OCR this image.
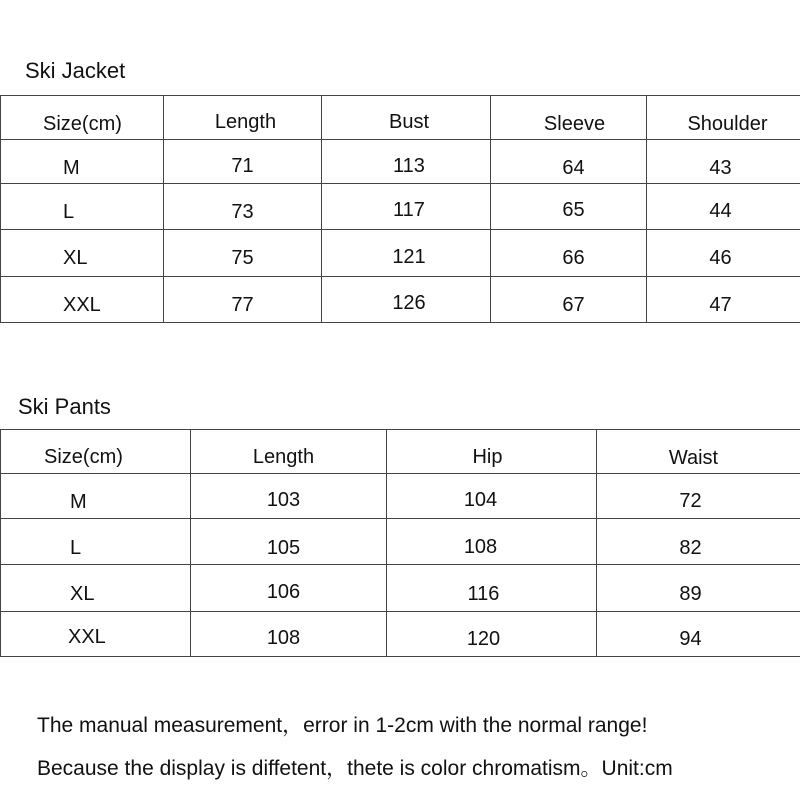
Ski Jacket
Size(cm)	Length	Bust	Sleeve	Shoulder

M	71	113	64	43

L	73	117	65	44

XL	75	121	66	46

XXL	77	126	67	47
Ski Pants
Size(cm)	Length	Hip	Waist

M	103	104	72

L	105	108	82

XL	106	116	89

XXL	108	120	94
The manual measurement，error in 1-2cm with the normal range!
Because the display is diffetent，thete is color chromatism。Unit:cm
